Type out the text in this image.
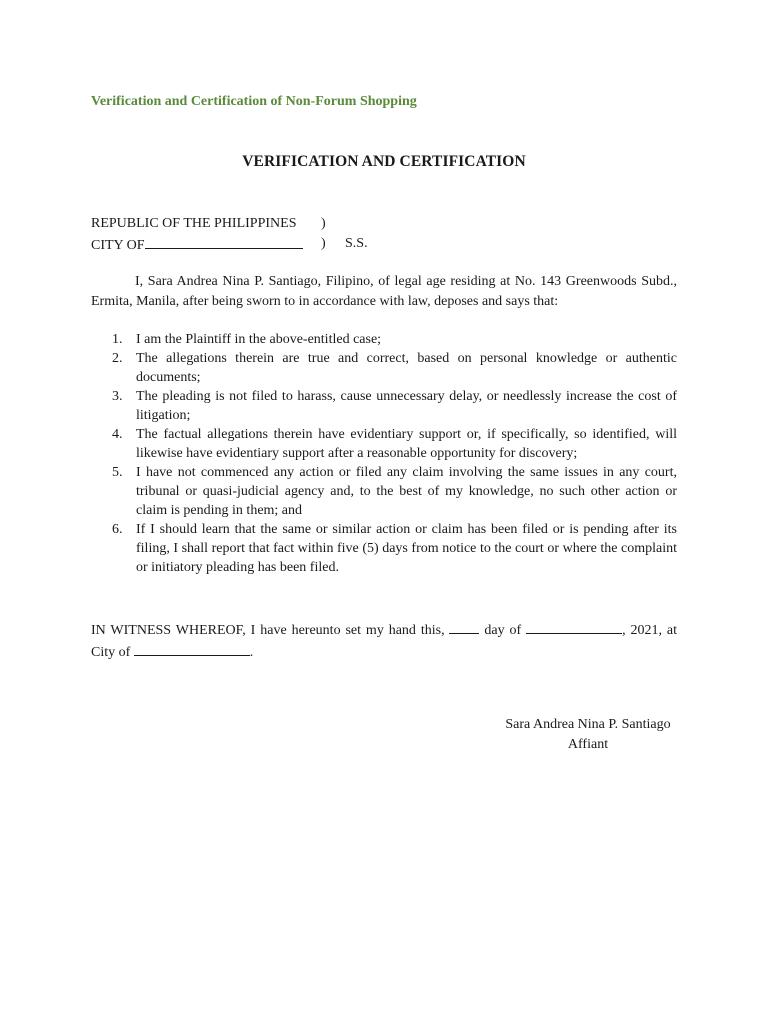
Verification and Certification of Non-Forum Shopping
VERIFICATION AND CERTIFICATION
REPUBLIC OF THE PHILIPPINES )
CITY OF	) S.S.

I, Sara Andrea Nina P. Santiago, Filipino, of legal age residing at No. 143 Greenwoods Subd., Ermita, Manila, after being sworn to in accordance with law, deposes and says that:

1. I am the Plaintiff in the above-entitled case;
2. The allegations therein are true and correct, based on personal knowledge or authentic documents;
3. The pleading is not filed to harass, cause unnecessary delay, or needlessly increase the cost of litigation;
4. The factual allegations therein have evidentiary support or, if specifically, so identified, will likewise have evidentiary support after a reasonable opportunity for discovery;
5. I have not commenced any action or filed any claim involving the same issues in any court, tribunal or quasi-judicial agency and, to the best of my knowledge, no such other action or claim is pending in them; and
6. If I should learn that the same or similar action or claim has been filed or is pending after its filing, I shall report that fact within five (5) days from notice to the court or where the complaint or initiatory pleading has been filed.

IN WITNESS WHEREOF, I have hereunto set my hand this,	day of	, 2021, at City of	.

Sara Andrea Nina P. Santiago
Affiant
